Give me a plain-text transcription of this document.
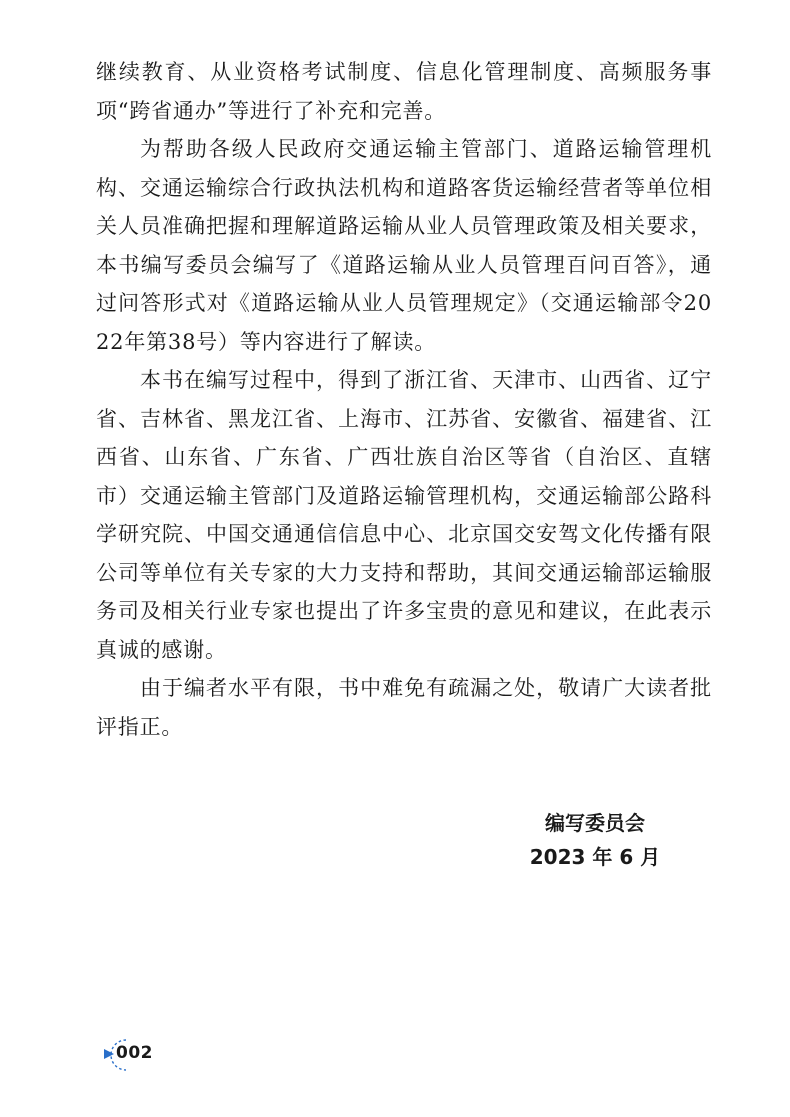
继续教育、从业资格考试制度、信息化管理制度、高频服务事项“跨省通办”等进行了补充和完善。

为帮助各级人民政府交通运输主管部门、道路运输管理机构、交通运输综合行政执法机构和道路客货运输经营者等单位相关人员准确把握和理解道路运输从业人员管理政策及相关要求，本书编写委员会编写了《道路运输从业人员管理百问百答》，通过问答形式对《道路运输从业人员管理规定》（交通运输部令2022年第38号）等内容进行了解读。

本书在编写过程中，得到了浙江省、天津市、山西省、辽宁省、吉林省、黑龙江省、上海市、江苏省、安徽省、福建省、江西省、山东省、广东省、广西壮族自治区等省（自治区、直辖市）交通运输主管部门及道路运输管理机构，交通运输部公路科学研究院、中国交通通信信息中心、北京国交安驾文化传播有限公司等单位有关专家的大力支持和帮助，其间交通运输部运输服务司及相关行业专家也提出了许多宝贵的意见和建议，在此表示真诚的感谢。

由于编者水平有限，书中难免有疏漏之处，敬请广大读者批评指正。

编写委员会
2023 年 6 月
002
